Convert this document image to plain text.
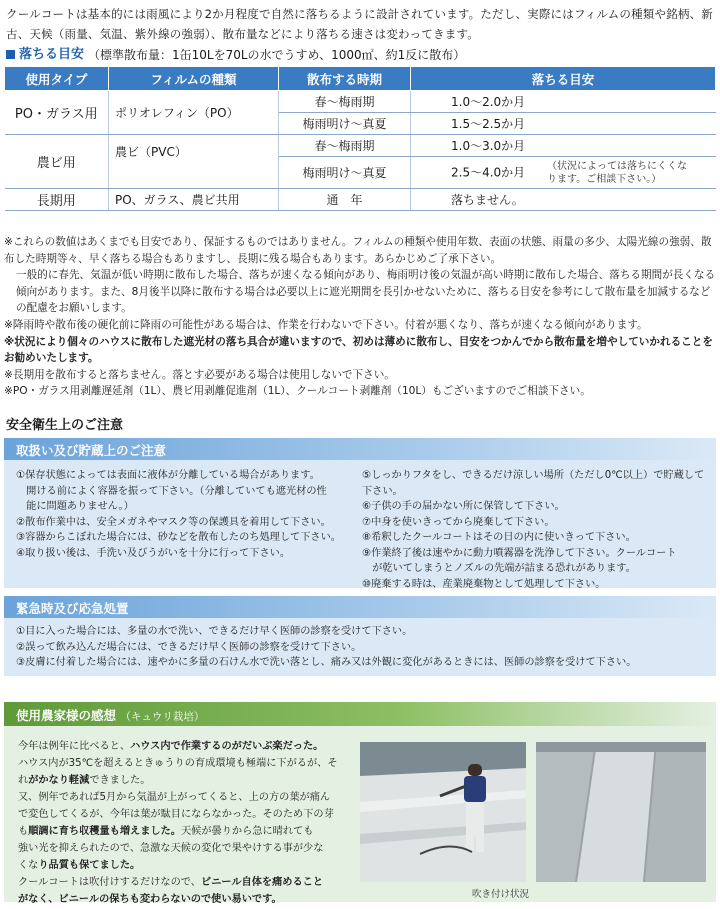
クールコートは基本的には雨風により2か月程度で自然に落ちるように設計されています。ただし、実際にはフィルムの種類や銘柄、新古、天候（雨量、気温、紫外線の強弱）、散布量などにより落ちる速さは変わってきます。
落ちる目安 （標準散布量：1缶10Lを70Lの水でうすめ、1000㎡、約1反に散布）
使用タイプ	フィルムの種類	散布する時期	落ちる目安
PO・ガラス用	ポリオレフィン（PO）	春～梅雨期	1.0～2.0か月
		梅雨明け～真夏	1.5～2.5か月
農ビ用	農ビ（PVC）	春～梅雨期	1.0～3.0か月
		梅雨明け～真夏	2.5～4.0か月 （状況によっては落ちにくくなります。ご相談下さい。）
長期用	PO、ガラス、農ビ共用	通　年	落ちません。
※これらの数値はあくまでも目安であり、保証するものではありません。フィルムの種類や使用年数、表面の状態、雨量の多少、太陽光線の強弱、散布した時期等々、早く落ちる場合もありますし、長期に残る場合もあります。あらかじめご了承下さい。
一般的に春先、気温が低い時期に散布した場合、落ちが速くなる傾向があり、梅雨明け後の気温が高い時期に散布した場合、落ちる期間が長くなる傾向があります。また、8月後半以降に散布する場合は必要以上に遮光期間を長引かせないために、落ちる目安を参考にして散布量を加減するなどの配慮をお願いします。
※降雨時や散布後の硬化前に降雨の可能性がある場合は、作業を行わないで下さい。付着が悪くなり、落ちが速くなる傾向があります。
※状況により個々のハウスに散布した遮光材の落ち具合が違いますので、初めは薄めに散布し、目安をつかんでから散布量を増やしていかれることをお勧めいたします。
※長期用を散布すると落ちません。落とす必要がある場合は使用しないで下さい。
※PO・ガラス用剥離遅延剤（1L）、農ビ用剥離促進剤（1L）、クールコート剥離剤（10L）もございますのでご相談下さい。
安全衛生上のご注意
取扱い及び貯蔵上のご注意
①保存状態によっては表面に液体が分離している場合があります。
　開ける前によく容器を振って下さい。（分離していても遮光材の性
　能に問題ありません。）
②散布作業中は、安全メガネやマスク等の保護具を着用して下さい。
③容器からこぼれた場合には、砂などを散布したのち処理して下さい。
④取り扱い後は、手洗い及びうがいを十分に行って下さい。
⑤しっかりフタをし、できるだけ涼しい場所（ただし0℃以上）で貯蔵して下さい。
⑥子供の手の届かない所に保管して下さい。
⑦中身を使いきってから廃棄して下さい。
⑧希釈したクールコートはその日の内に使いきって下さい。
⑨作業終了後は速やかに動力噴霧器を洗浄して下さい。クールコート
　が乾いてしまうとノズルの先端が詰まる恐れがあります。
⑩廃棄する時は、産業廃棄物として処理して下さい。
緊急時及び応急処置
①目に入った場合には、多量の水で洗い、できるだけ早く医師の診察を受けて下さい。
②誤って飲み込んだ場合には、できるだけ早く医師の診察を受けて下さい。
③皮膚に付着した場合には、速やかに多量の石けん水で洗い落とし、痛み又は外観に変化があるときには、医師の診察を受けて下さい。
使用農家様の感想 （キュウリ栽培）
今年は例年に比べると、ハウス内で作業するのがだいぶ楽だった。
ハウス内が35℃を超えるときゅうりの育成環境も極端に下がるが、そ
れがかなり軽減できました。
又、例年であれば5月から気温が上がってくると、上の方の葉が痛ん
で変色してくるが、今年は葉が駄目にならなかった。そのため下の芽
も順調に育ち収穫量も増えました。天候が曇りから急に晴れても
強い光を抑えられたので、急激な天候の変化で果やけする事が少な
くなり品質も保てました。
クールコートは吹付けするだけなので、ビニール自体を痛めること
がなく、ビニールの保ちも変わらないので使い易いです。	吹き付け状況
